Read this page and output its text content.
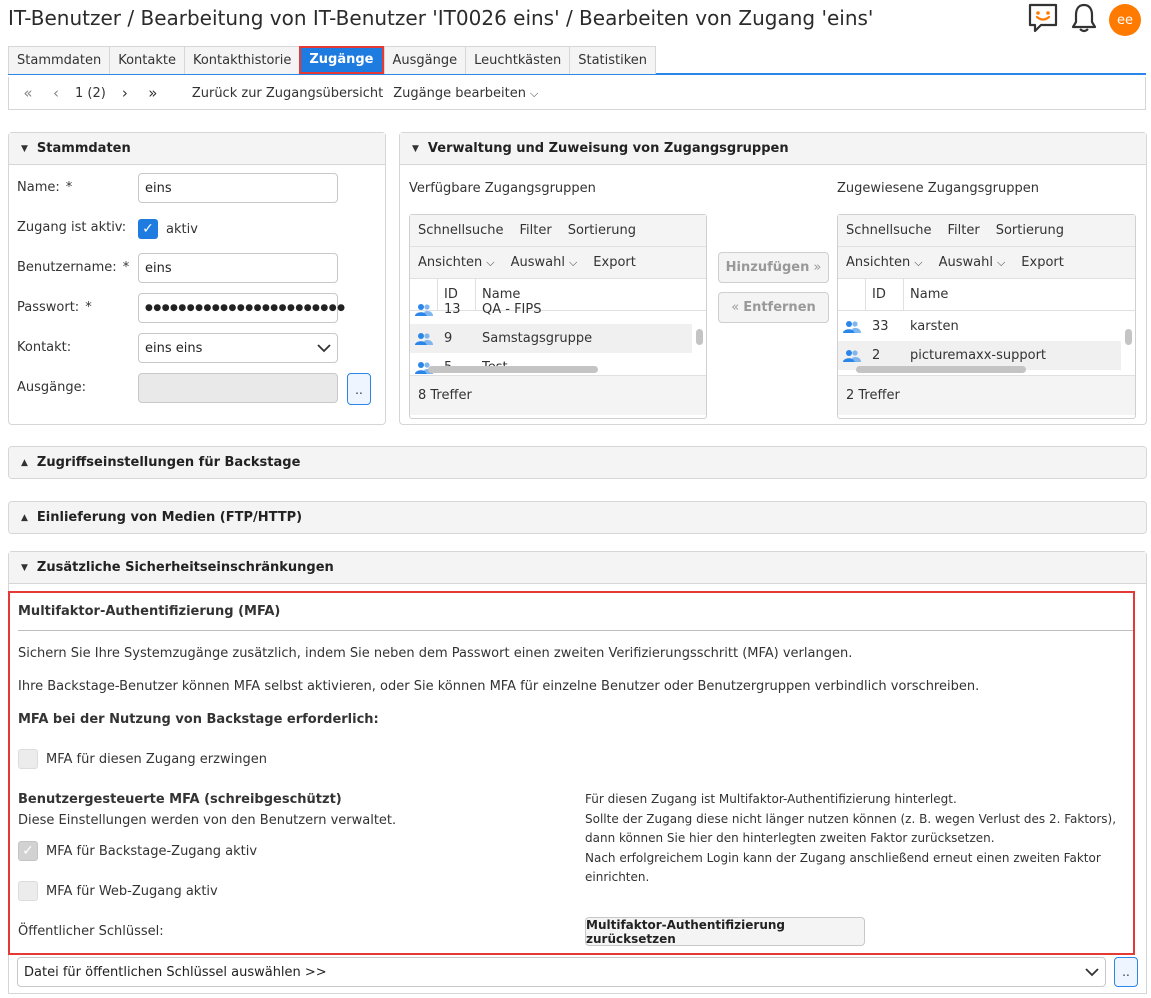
IT-Benutzer / Bearbeitung von IT-Benutzer 'IT0026 eins' / Bearbeiten von Zugang 'eins'	ee
Stammdaten	Kontakte	Kontakthistorie	Zugänge	Ausgänge	Leuchtkästen	Statistiken
«	‹	1 (2)	›	»	Zurück zur Zugangsübersicht Zugänge bearbeiten ⌵
▼ Stammdaten
Name: *	eins
Zugang ist aktiv: ✓ aktiv
Benutzername: *	eins
Passwort: *	●●●●●●●●●●●●●●●●●●●●●●●●
Kontakt:	eins eins
Ausgänge:	..
▼ Verwaltung und Zuweisung von Zugangsgruppen
Verfügbare Zugangsgruppen	Zugewiesene Zugangsgruppen
Schnellsuche Filter Sortierung
Ansichten ⌵ Auswahl ⌵ Export
ID	Name
13	QA - FIPS
9	Samstagsgruppe
8 Treffer
Hinzufügen »
« Entfernen
Schnellsuche Filter Sortierung
Ansichten ⌵ Auswahl ⌵ Export
ID	Name
33	karsten
2	picturemaxx-support
2 Treffer
▲ Zugriffseinstellungen für Backstage
▲ Einlieferung von Medien (FTP/HTTP)
▼ Zusätzliche Sicherheitseinschränkungen
Multifaktor-Authentifizierung (MFA)
Sichern Sie Ihre Systemzugänge zusätzlich, indem Sie neben dem Passwort einen zweiten Verifizierungsschritt (MFA) verlangen.
Ihre Backstage-Benutzer können MFA selbst aktivieren, oder Sie können MFA für einzelne Benutzer oder Benutzergruppen verbindlich vorschreiben.
MFA bei der Nutzung von Backstage erforderlich:
MFA für diesen Zugang erzwingen
Benutzergesteuerte MFA (schreibgeschützt)
Diese Einstellungen werden von den Benutzern verwaltet.
✓ MFA für Backstage-Zugang aktiv
MFA für Web-Zugang aktiv
Öffentlicher Schlüssel:
Für diesen Zugang ist Multifaktor-Authentifizierung hinterlegt.
Sollte der Zugang diese nicht länger nutzen können (z. B. wegen Verlust des 2. Faktors),
dann können Sie hier den hinterlegten zweiten Faktor zurücksetzen.
Nach erfolgreichem Login kann der Zugang anschließend erneut einen zweiten Faktor
einrichten.
Multifaktor-Authentifizierung zurücksetzen
Datei für öffentlichen Schlüssel auswählen >>	..
